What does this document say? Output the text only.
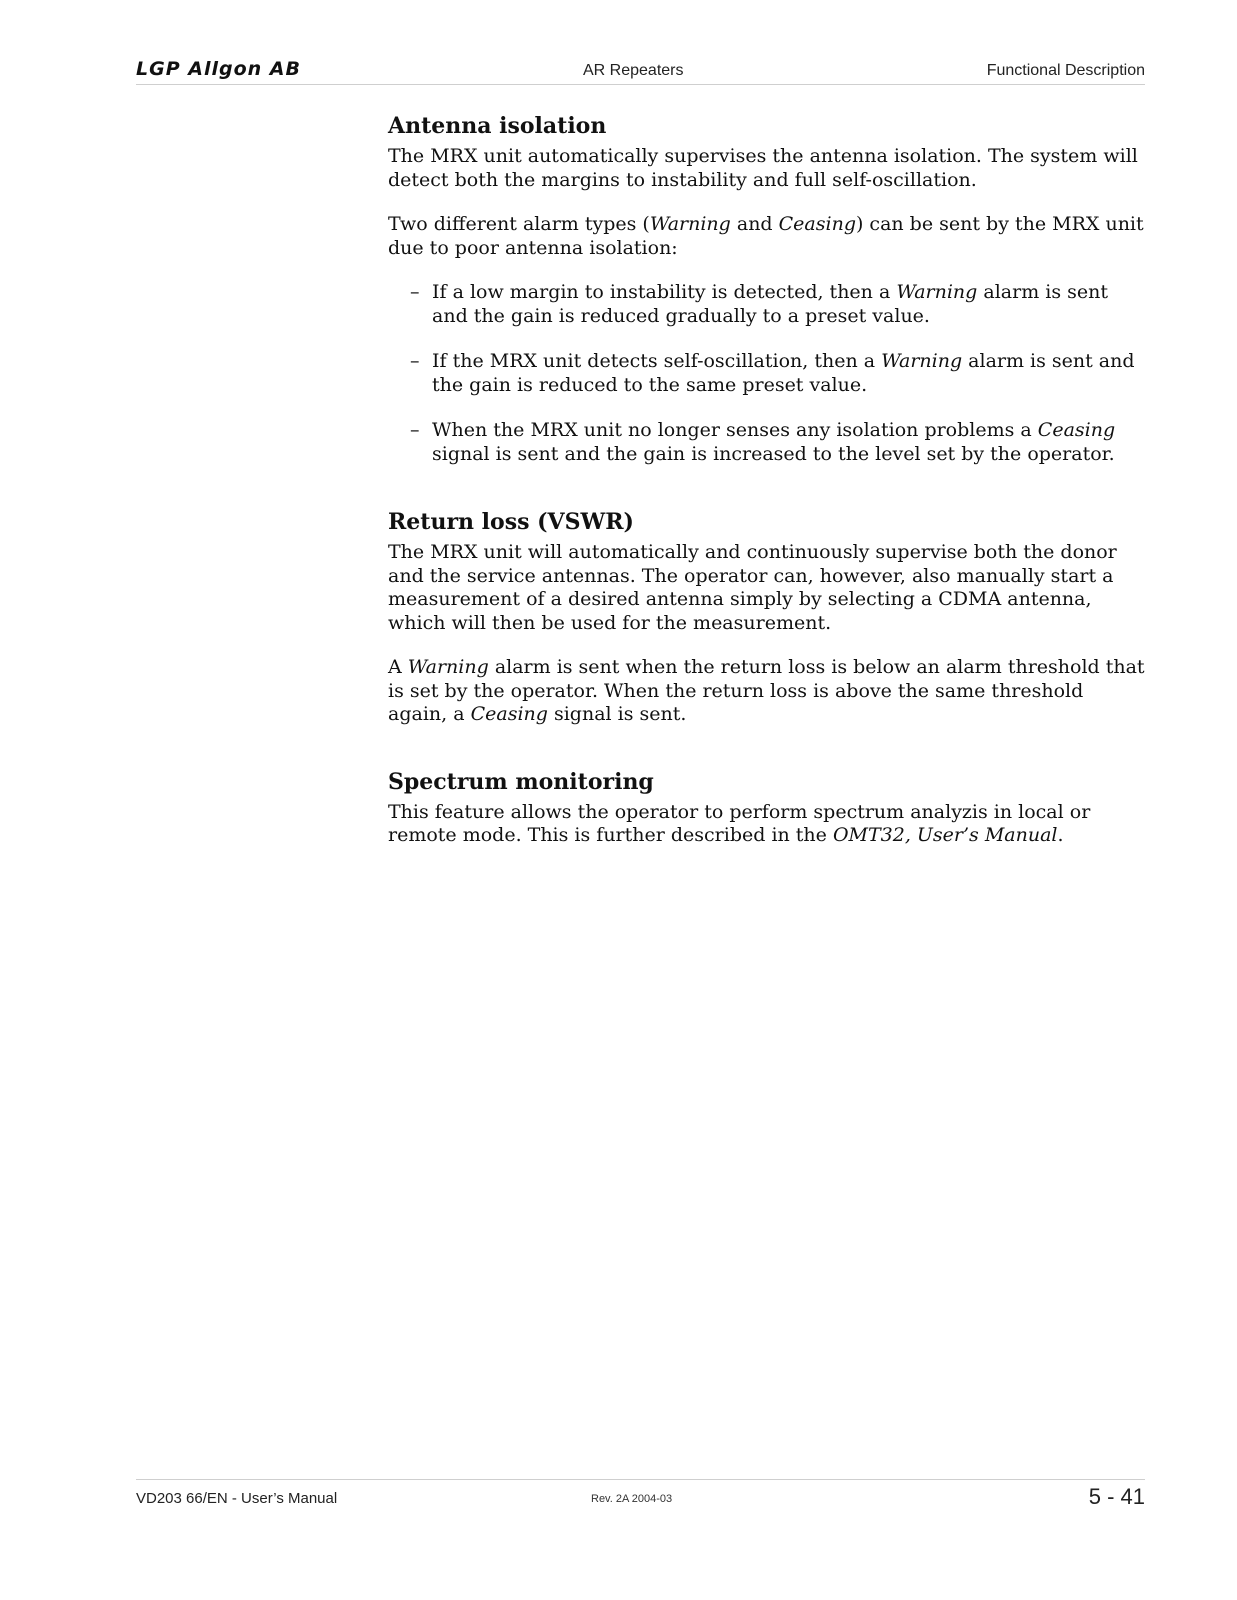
LGP Allgon AB	AR Repeaters	Functional Description
Antenna isolation

The MRX unit automatically supervises the antenna isolation. The system will detect both the margins to instability and full self-oscillation.

Two different alarm types (Warning and Ceasing) can be sent by the MRX unit due to poor antenna isolation:

– If a low margin to instability is detected, then a Warning alarm is sent and the gain is reduced gradually to a preset value.
– If the MRX unit detects self-oscillation, then a Warning alarm is sent and the gain is reduced to the same preset value.
– When the MRX unit no longer senses any isolation problems a Ceasing signal is sent and the gain is increased to the level set by the operator.
Return loss (VSWR)

The MRX unit will automatically and continuously supervise both the donor and the service antennas. The operator can, however, also manually start a measurement of a desired antenna simply by selecting a CDMA antenna, which will then be used for the measurement.

A Warning alarm is sent when the return loss is below an alarm threshold that is set by the operator. When the return loss is above the same threshold again, a Ceasing signal is sent.

Spectrum monitoring

This feature allows the operator to perform spectrum analyzis in local or remote mode. This is further described in the OMT32, User’s Manual.

VD203 66/EN - User’s Manual	Rev. 2A 2004-03	5 - 41
